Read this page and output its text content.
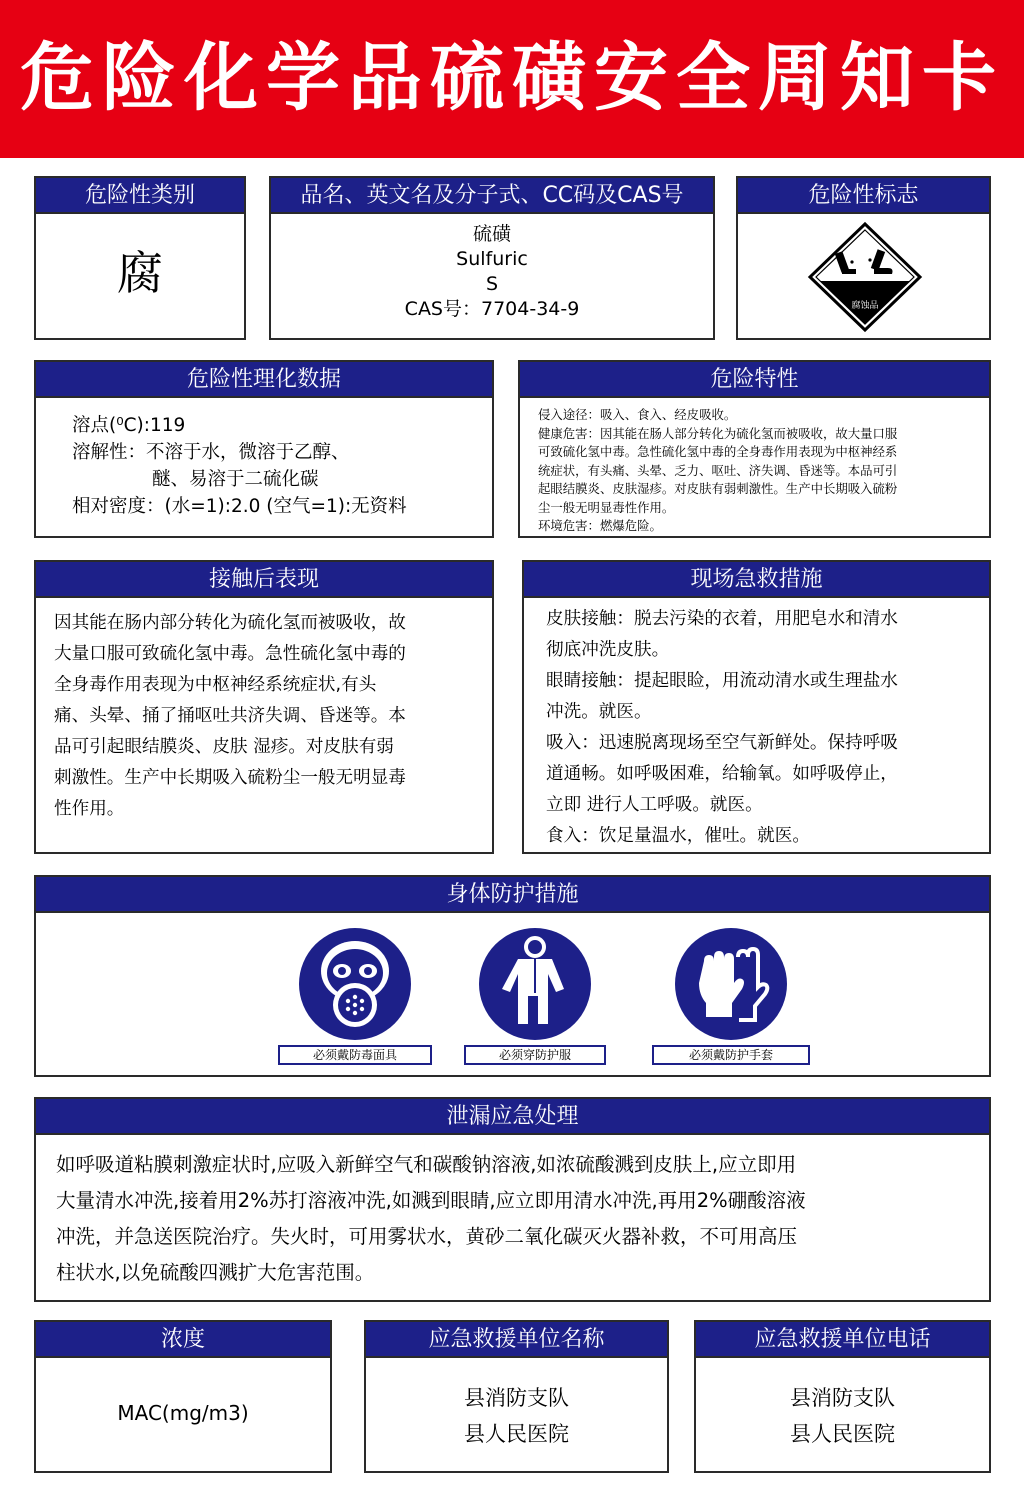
危险化学品硫磺安全周知卡
危险性类别
腐
品名、英文名及分子式、CC码及CAS号
硫磺
Sulfuric
S
CAS号：7704-34-9
危险性标志
腐蚀品
危险性理化数据
溶点(⁰C):119
溶解性：不溶于水，微溶于乙醇、
醚、易溶于二硫化碳
相对密度：(水=1):2.0 (空气=1):无资料
危险特性
侵入途径：吸入、食入、经皮吸收。
健康危害：因其能在肠人部分转化为硫化氢而被吸收，故大量口服
可致硫化氢中毒。急性硫化氢中毒的全身毒作用表现为中枢神经系
统症状，有头痛、头晕、乏力、呕吐、济失调、昏迷等。本品可引
起眼结膜炎、皮肤湿疹。对皮肤有弱刺激性。生产中长期吸入硫粉
尘一般无明显毒性作用。
环境危害：燃爆危险。
接触后表现
因其能在肠内部分转化为硫化氢而被吸收，故
大量口服可致硫化氢中毒。急性硫化氢中毒的
全身毒作用表现为中枢神经系统症状,有头
痛、头晕、捅了捅呕吐共济失调、昏迷等。本
品可引起眼结膜炎、皮肤 湿疹。对皮肤有弱
刺激性。生产中长期吸入硫粉尘一般无明显毒
性作用。
现场急救措施
皮肤接触：脱去污染的衣着，用肥皂水和清水
彻底冲洗皮肤。
眼睛接触：提起眼睑，用流动清水或生理盐水
冲洗。就医。
吸入：迅速脱离现场至空气新鲜处。保持呼吸
道通畅。如呼吸困难，给输氧。如呼吸停止，
立即 进行人工呼吸。就医。
食入：饮足量温水，催吐。就医。
身体防护措施
必须戴防毒面具	必须穿防护服	必须戴防护手套
泄漏应急处理
如呼吸道粘膜刺激症状时,应吸入新鲜空气和碳酸钠溶液,如浓硫酸溅到皮肤上,应立即用
大量清水冲洗,接着用2%苏打溶液冲洗,如溅到眼睛,应立即用清水冲洗,再用2%硼酸溶液
冲洗，并急送医院治疗。失火时，可用雾状水，黄砂二氧化碳灭火器补救，不可用高压
柱状水,以免硫酸四溅扩大危害范围。
浓度
MAC(mg/m3)
应急救援单位名称
县消防支队
县人民医院
应急救援单位电话
县消防支队
县人民医院
